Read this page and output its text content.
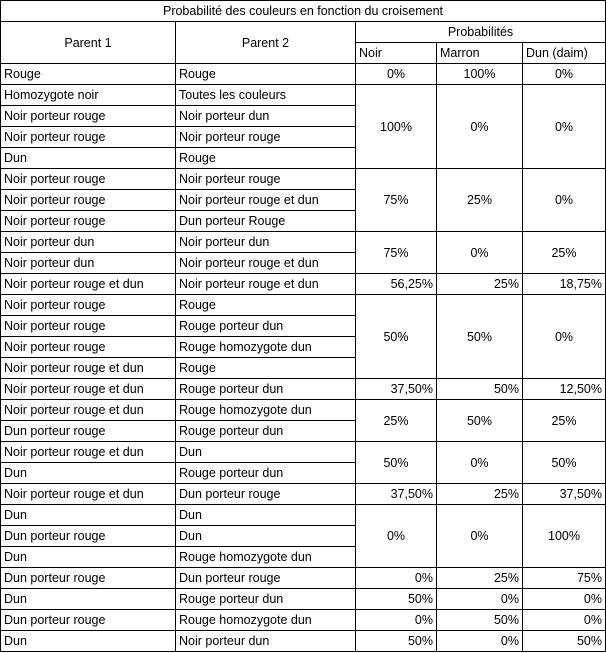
Probabilité des couleurs en fonction du croisement				
Parent 1	Parent 2	Probabilités		
		Noir	Marron	Dun (daim)
Rouge	Rouge	0%	100%	0%
Homozygote noir	Toutes les couleurs	100%	0%	0%
Noir porteur rouge	Noir porteur dun			
Noir porteur rouge	Noir porteur rouge			
Dun	Rouge			
Noir porteur rouge	Noir porteur rouge	75%	25%	0%
Noir porteur rouge	Noir porteur rouge et dun			
Noir porteur rouge	Dun porteur Rouge			
Noir porteur dun	Noir porteur dun	75%	0%	25%
Noir porteur dun	Noir porteur rouge et dun			
Noir porteur rouge et dun	Noir porteur rouge et dun	56,25%	25%	18,75%
Noir porteur rouge	Rouge	50%	50%	0%
Noir porteur rouge	Rouge porteur dun			
Noir porteur rouge	Rouge homozygote dun			
Noir porteur rouge et dun	Rouge			
Noir porteur rouge et dun	Rouge porteur dun	37,50%	50%	12,50%
Noir porteur rouge et dun	Rouge homozygote dun	25%	50%	25%
Dun porteur rouge	Rouge porteur dun			
Noir porteur rouge et dun	Dun	50%	0%	50%
Dun	Rouge porteur dun			
Noir porteur rouge et dun	Dun porteur rouge	37,50%	25%	37,50%
Dun	Dun	0%	0%	100%
Dun porteur rouge	Dun			
Dun	Rouge homozygote dun			
Dun porteur rouge	Dun porteur rouge	0%	25%	75%
Dun	Rouge porteur dun	50%	0%	0%
Dun porteur rouge	Rouge homozygote dun	0%	50%	0%
Dun	Noir porteur dun	50%	0%	50%
